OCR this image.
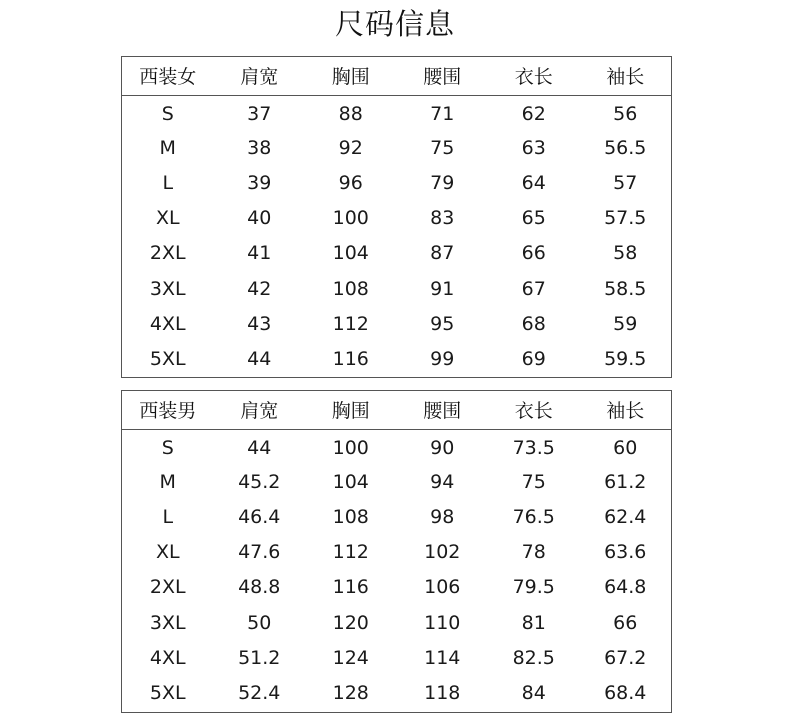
尺码信息
西装女	肩宽	胸围	腰围	衣长	袖长
S	37	88	71	62	56
M	38	92	75	63	56.5
L	39	96	79	64	57
XL	40	100	83	65	57.5
2XL	41	104	87	66	58
3XL	42	108	91	67	58.5
4XL	43	112	95	68	59
5XL	44	116	99	69	59.5
西装男	肩宽	胸围	腰围	衣长	袖长
S	44	100	90	73.5	60
M	45.2	104	94	75	61.2
L	46.4	108	98	76.5	62.4
XL	47.6	112	102	78	63.6
2XL	48.8	116	106	79.5	64.8
3XL	50	120	110	81	66
4XL	51.2	124	114	82.5	67.2
5XL	52.4	128	118	84	68.4
